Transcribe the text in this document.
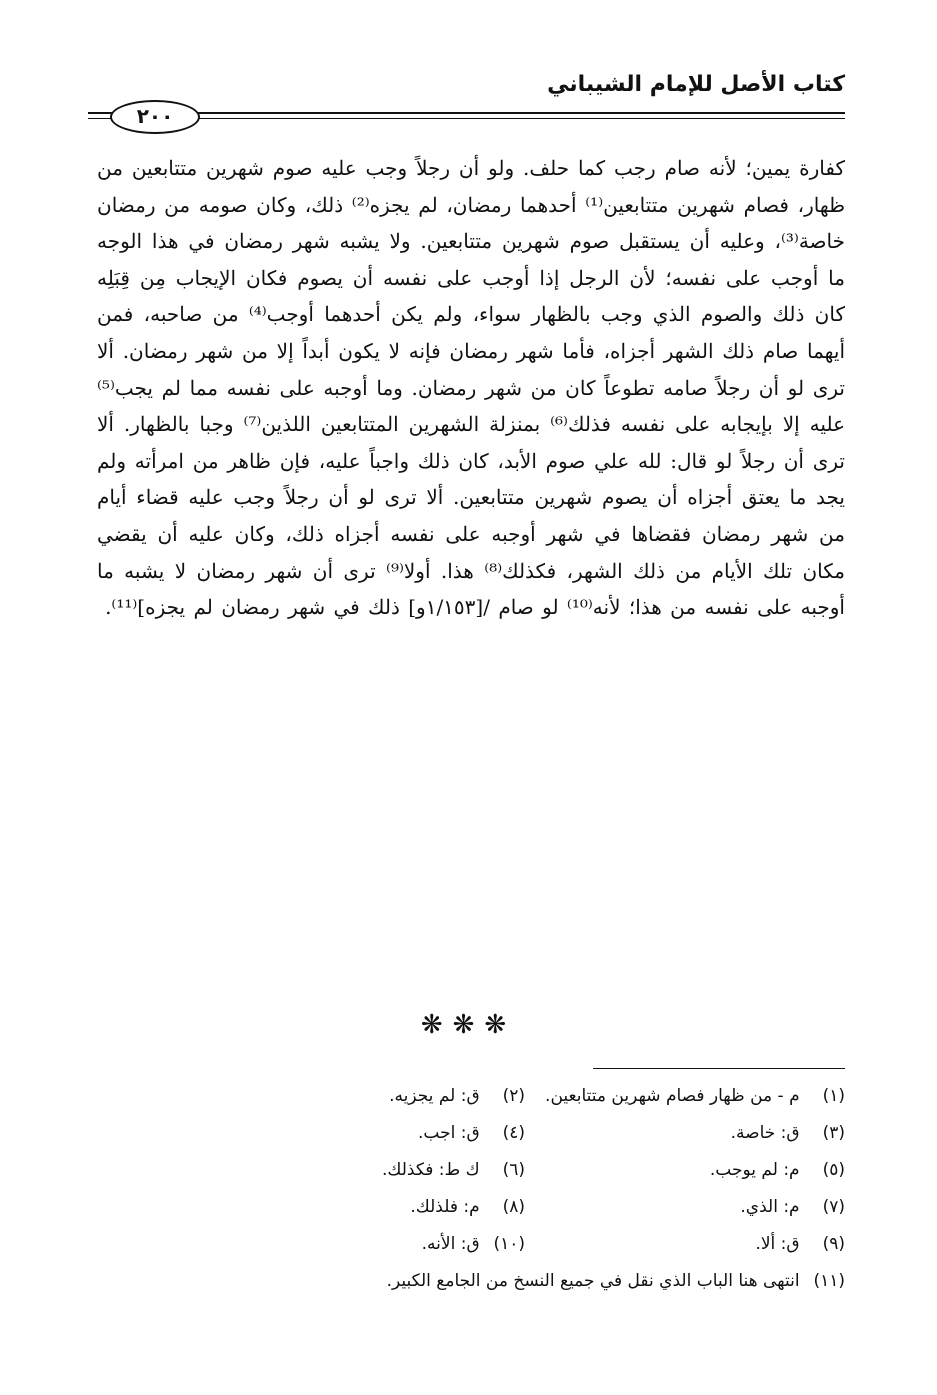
كتاب الأصل للإمام الشيباني
٢٠٠

كفارة يمين؛ لأنه صام رجب كما حلف. ولو أن رجلاً وجب عليه صوم شهرين متتابعين من ظهار، فصام شهرين متتابعين⁽¹⁾ أحدهما رمضان، لم يجزه⁽²⁾ ذلك، وكان صومه من رمضان خاصة⁽³⁾، وعليه أن يستقبل صوم شهرين متتابعين. ولا يشبه شهر رمضان في هذا الوجه ما أوجب على نفسه؛ لأن الرجل إذا أوجب على نفسه أن يصوم فكان الإيجاب مِن قِبَلِه كان ذلك والصوم الذي وجب بالظهار سواء، ولم يكن أحدهما أوجب⁽⁴⁾ من صاحبه، فمن أيهما صام ذلك الشهر أجزاه، فأما شهر رمضان فإنه لا يكون أبداً إلا من شهر رمضان. ألا ترى لو أن رجلاً صامه تطوعاً كان من شهر رمضان. وما أوجبه على نفسه مما لم يجب⁽⁵⁾ عليه إلا بإيجابه على نفسه فذلك⁽⁶⁾ بمنزلة الشهرين المتتابعين اللذين⁽⁷⁾ وجبا بالظهار. ألا ترى أن رجلاً لو قال: لله علي صوم الأبد، كان ذلك واجباً عليه، فإن ظاهر من امرأته ولم يجد ما يعتق أجزاه أن يصوم شهرين متتابعين. ألا ترى لو أن رجلاً وجب عليه قضاء أيام من شهر رمضان فقضاها في شهر أوجبه على نفسه أجزاه ذلك، وكان عليه أن يقضي مكان تلك الأيام من ذلك الشهر، فكذلك⁽⁸⁾ هذا. أولا⁽⁹⁾ ترى أن شهر رمضان لا يشبه ما أوجبه على نفسه من هذا؛ لأنه⁽¹⁰⁾ لو صام /[١/١٥٣و] ذلك في شهر رمضان لم يجزه]⁽¹¹⁾.

❋❋❋
(١) م - من ظهار فصام شهرين متتابعين.
(٢) ق: لم يجزيه.
(٣) ق: خاصة.
(٤) ق: اجب.
(٥) م: لم يوجب.
(٦) ك ط: فكذلك.
(٧) م: الذي.
(٨) م: فلذلك.
(٩) ق: ألا.
(١٠) ق: الأنه.
(١١) انتهى هنا الباب الذي نقل في جميع النسخ من الجامع الكبير.
